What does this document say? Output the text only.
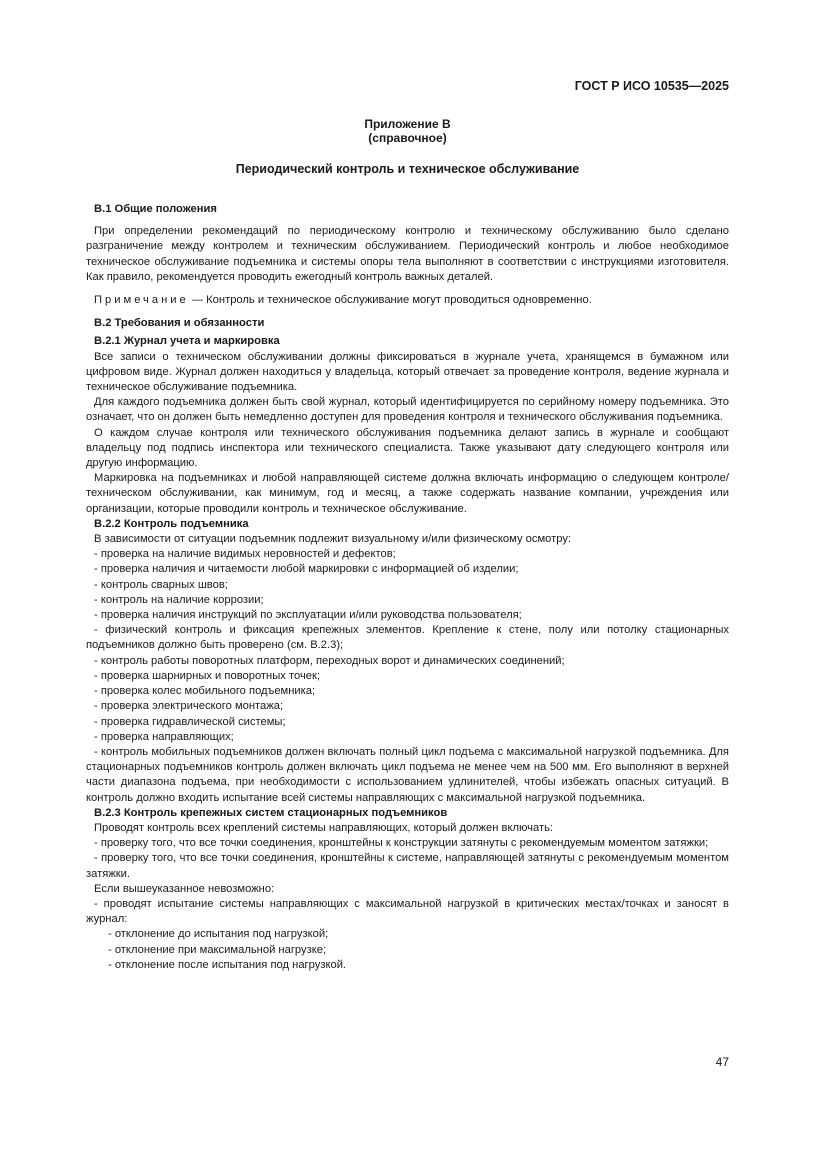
ГОСТ Р ИСО 10535—2025
Приложение В
(справочное)
Периодический контроль и техническое обслуживание
В.1 Общие положения

При определении рекомендаций по периодическому контролю и техническому обслуживанию было сделано разграничение между контролем и техническим обслуживанием. Периодический контроль и любое необходимое техническое обслуживание подъемника и системы опоры тела выполняют в соответствии с инструкциями изготовителя. Как правило, рекомендуется проводить ежегодный контроль важных деталей.

Примечание — Контроль и техническое обслуживание могут проводиться одновременно.

В.2 Требования и обязанности
В.2.1 Журнал учета и маркировка

Все записи о техническом обслуживании должны фиксироваться в журнале учета, хранящемся в бумажном или цифровом виде. Журнал должен находиться у владельца, который отвечает за проведение контроля, ведение журнала и техническое обслуживание подъемника.

Для каждого подъемника должен быть свой журнал, который идентифицируется по серийному номеру подъемника. Это означает, что он должен быть немедленно доступен для проведения контроля и технического обслуживания подъемника.

О каждом случае контроля или технического обслуживания подъемника делают запись в журнале и сообщают владельцу под подпись инспектора или технического специалиста. Также указывают дату следующего контроля или другую информацию.

Маркировка на подъемниках и любой направляющей системе должна включать информацию о следующем контроле/техническом обслуживании, как минимум, год и месяц, а также содержать название компании, учреждения или организации, которые проводили контроль и техническое обслуживание.

В.2.2 Контроль подъемника

В зависимости от ситуации подъемник подлежит визуальному и/или физическому осмотру:

- проверка на наличие видимых неровностей и дефектов;

- проверка наличия и читаемости любой маркировки с информацией об изделии;

- контроль сварных швов;

- контроль на наличие коррозии;

- проверка наличия инструкций по эксплуатации и/или руководства пользователя;

- физический контроль и фиксация крепежных элементов. Крепление к стене, полу или потолку стационарных подъемников должно быть проверено (см. В.2.3);

- контроль работы поворотных платформ, переходных ворот и динамических соединений;

- проверка шарнирных и поворотных точек;

- проверка колес мобильного подъемника;

- проверка электрического монтажа;

- проверка гидравлической системы;

- проверка направляющих;

- контроль мобильных подъемников должен включать полный цикл подъема с максимальной нагрузкой подъемника. Для стационарных подъемников контроль должен включать цикл подъема не менее чем на 500 мм. Его выполняют в верхней части диапазона подъема, при необходимости с использованием удлинителей, чтобы избежать опасных ситуаций. В контроль должно входить испытание всей системы направляющих с максимальной нагрузкой подъемника.

В.2.3 Контроль крепежных систем стационарных подъемников

Проводят контроль всех креплений системы направляющих, который должен включать:

- проверку того, что все точки соединения, кронштейны к конструкции затянуты с рекомендуемым моментом затяжки;

- проверку того, что все точки соединения, кронштейны к системе, направляющей затянуты с рекомендуемым моментом затяжки.

Если вышеуказанное невозможно:

- проводят испытание системы направляющих с максимальной нагрузкой в критических местах/точках и заносят в журнал:

- отклонение до испытания под нагрузкой;

- отклонение при максимальной нагрузке;

- отклонение после испытания под нагрузкой.

47
